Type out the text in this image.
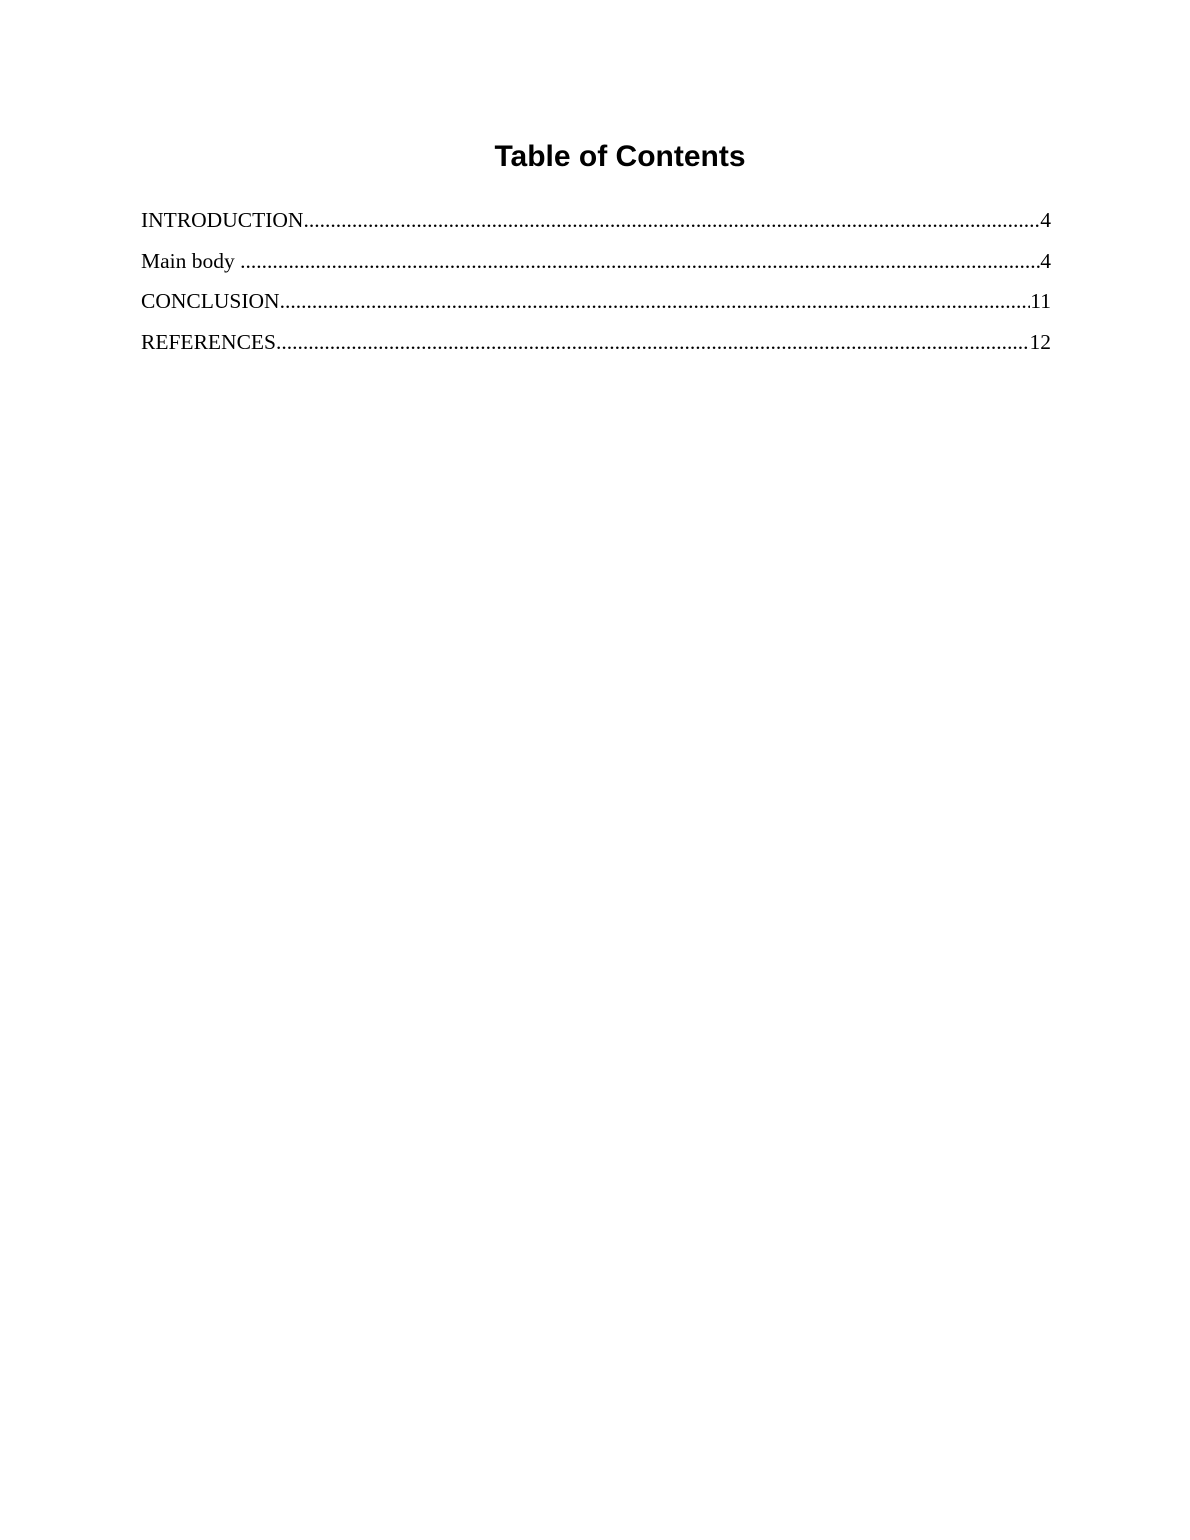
Table of Contents
INTRODUCTION .....	4
Main body .....	4
CONCLUSION .....	11
REFERENCES .....	12
